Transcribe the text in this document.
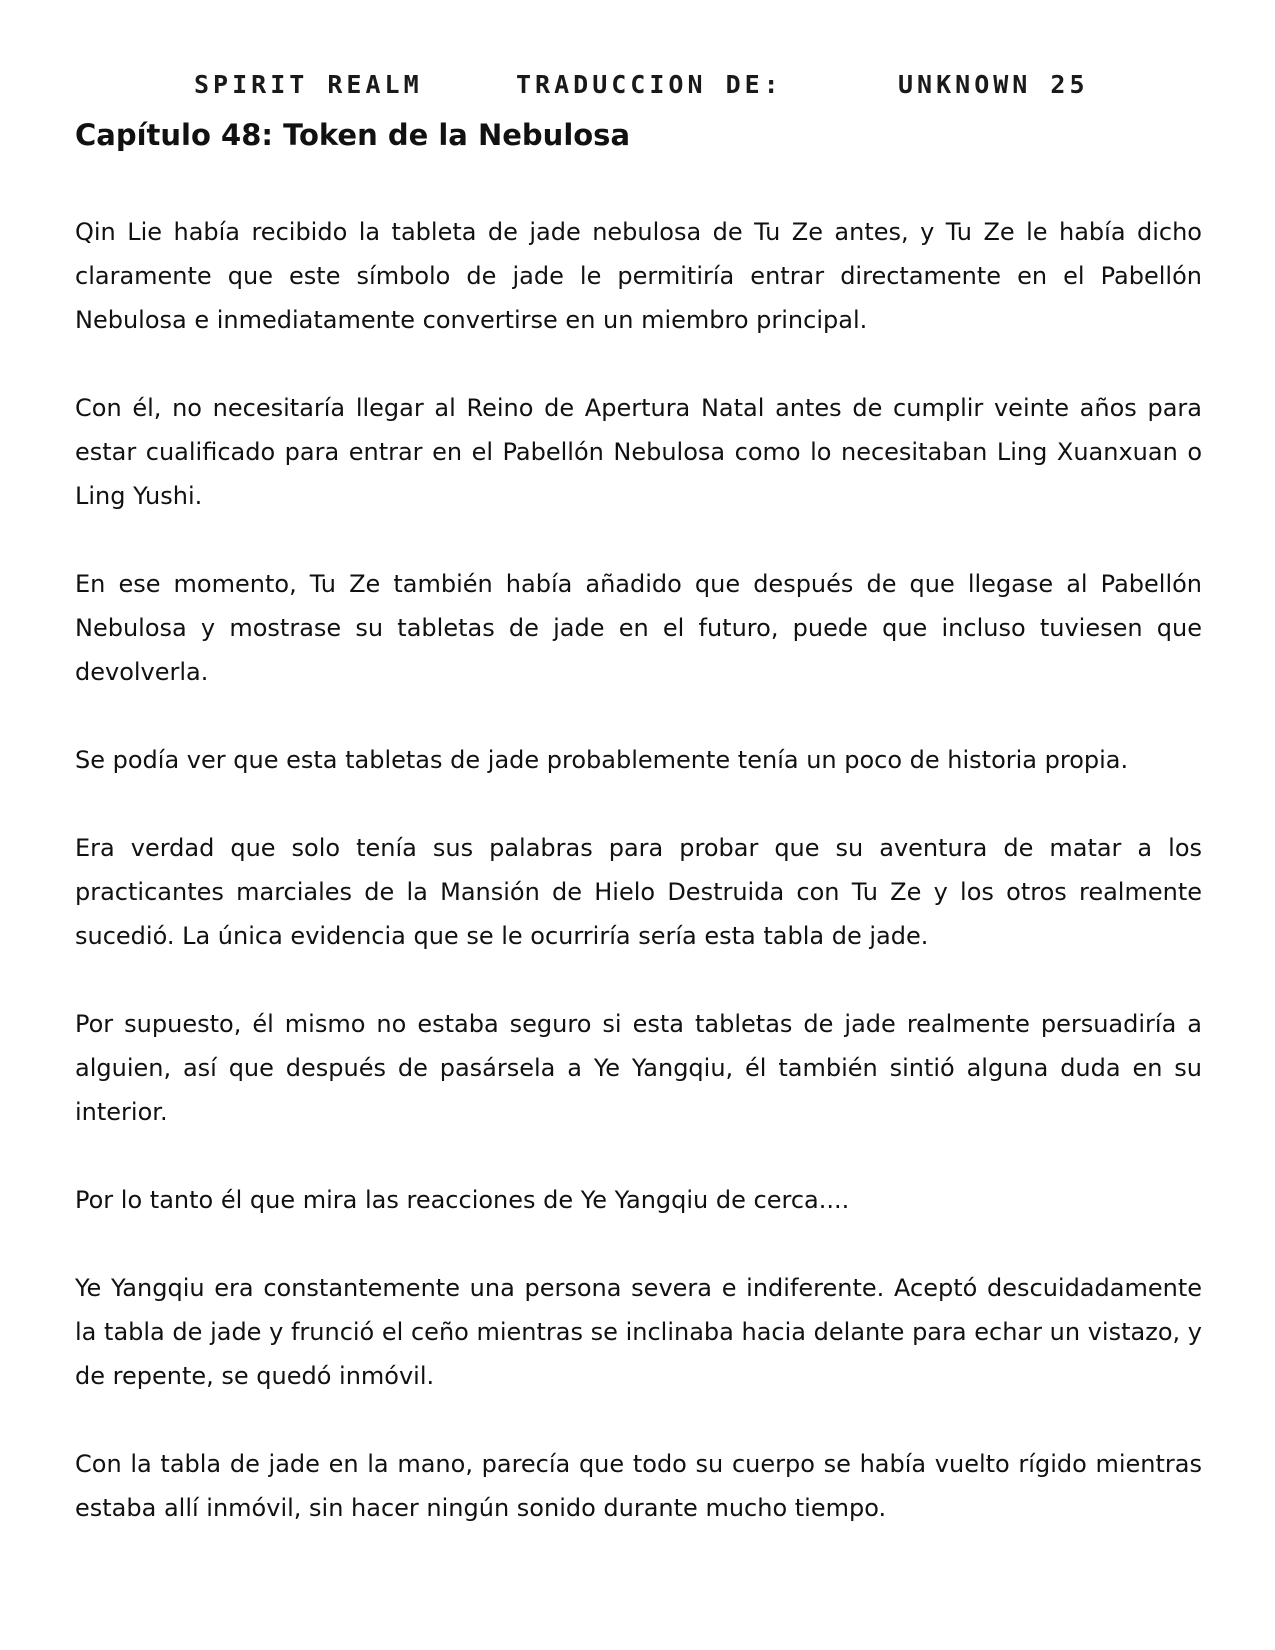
SPIRIT REALM	TRADUCCION DE:	UNKNOWN 25
Capítulo 48: Token de la Nebulosa

Qin Lie había recibido la tableta de jade nebulosa de Tu Ze antes, y Tu Ze le había dicho claramente que este símbolo de jade le permitiría entrar directamente en el Pabellón Nebulosa e inmediatamente convertirse en un miembro principal.

Con él, no necesitaría llegar al Reino de Apertura Natal antes de cumplir veinte años para estar cualificado para entrar en el Pabellón Nebulosa como lo necesitaban Ling Xuanxuan o Ling Yushi.

En ese momento, Tu Ze también había añadido que después de que llegase al Pabellón Nebulosa y mostrase su tabletas de jade en el futuro, puede que incluso tuviesen que devolverla.

Se podía ver que esta tabletas de jade probablemente tenía un poco de historia propia.

Era verdad que solo tenía sus palabras para probar que su aventura de matar a los practicantes marciales de la Mansión de Hielo Destruida con Tu Ze y los otros realmente sucedió. La única evidencia que se le ocurriría sería esta tabla de jade.

Por supuesto, él mismo no estaba seguro si esta tabletas de jade realmente persuadiría a alguien, así que después de pasársela a Ye Yangqiu, él también sintió alguna duda en su interior.

Por lo tanto él que mira las reacciones de Ye Yangqiu de cerca....

Ye Yangqiu era constantemente una persona severa e indiferente. Aceptó descuidadamente la tabla de jade y frunció el ceño mientras se inclinaba hacia delante para echar un vistazo, y de repente, se quedó inmóvil.

Con la tabla de jade en la mano, parecía que todo su cuerpo se había vuelto rígido mientras estaba allí inmóvil, sin hacer ningún sonido durante mucho tiempo.
